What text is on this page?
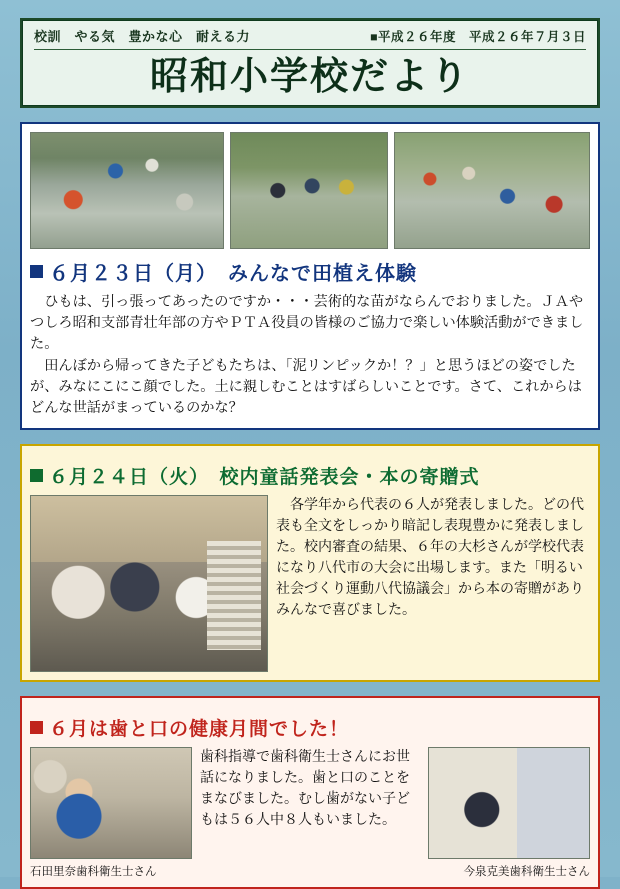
校訓　やる気　豊かな心　耐える力	■平成２６年度　平成２６年７月３日
昭和小学校だより
６月２３日（月）　みんなで田植え体験

　ひもは、引っ張ってあったのですか・・・芸術的な苗がならんでおりました。ＪＡやつしろ昭和支部青壮年部の方やＰＴＡ役員の皆様のご協力で楽しい体験活動ができました。

　田んぼから帰ってきた子どもたちは、「泥リンピックか！？」と思うほどの姿でしたが、みなにこにこ顔でした。土に親しむことはすばらしいことです。さて、これからはどんな世話がまっているのかな？

６月２４日（火）　校内童話発表会・本の寄贈式
　各学年から代表の６人が発表しました。どの代表も全文をしっかり暗記し表現豊かに発表しました。校内審査の結果、６年の大杉さんが学校代表になり八代市の大会に出場します。また「明るい社会づくり運動八代協議会」から本の寄贈がありみんなで喜びました。
６月は歯と口の健康月間でした！
歯科指導で歯科衛生士さんにお世話になりました。歯と口のことをまなびました。むし歯がない子どもは５６人中８人もいました。
石田里奈歯科衛生士さん	今泉克美歯科衛生士さん
